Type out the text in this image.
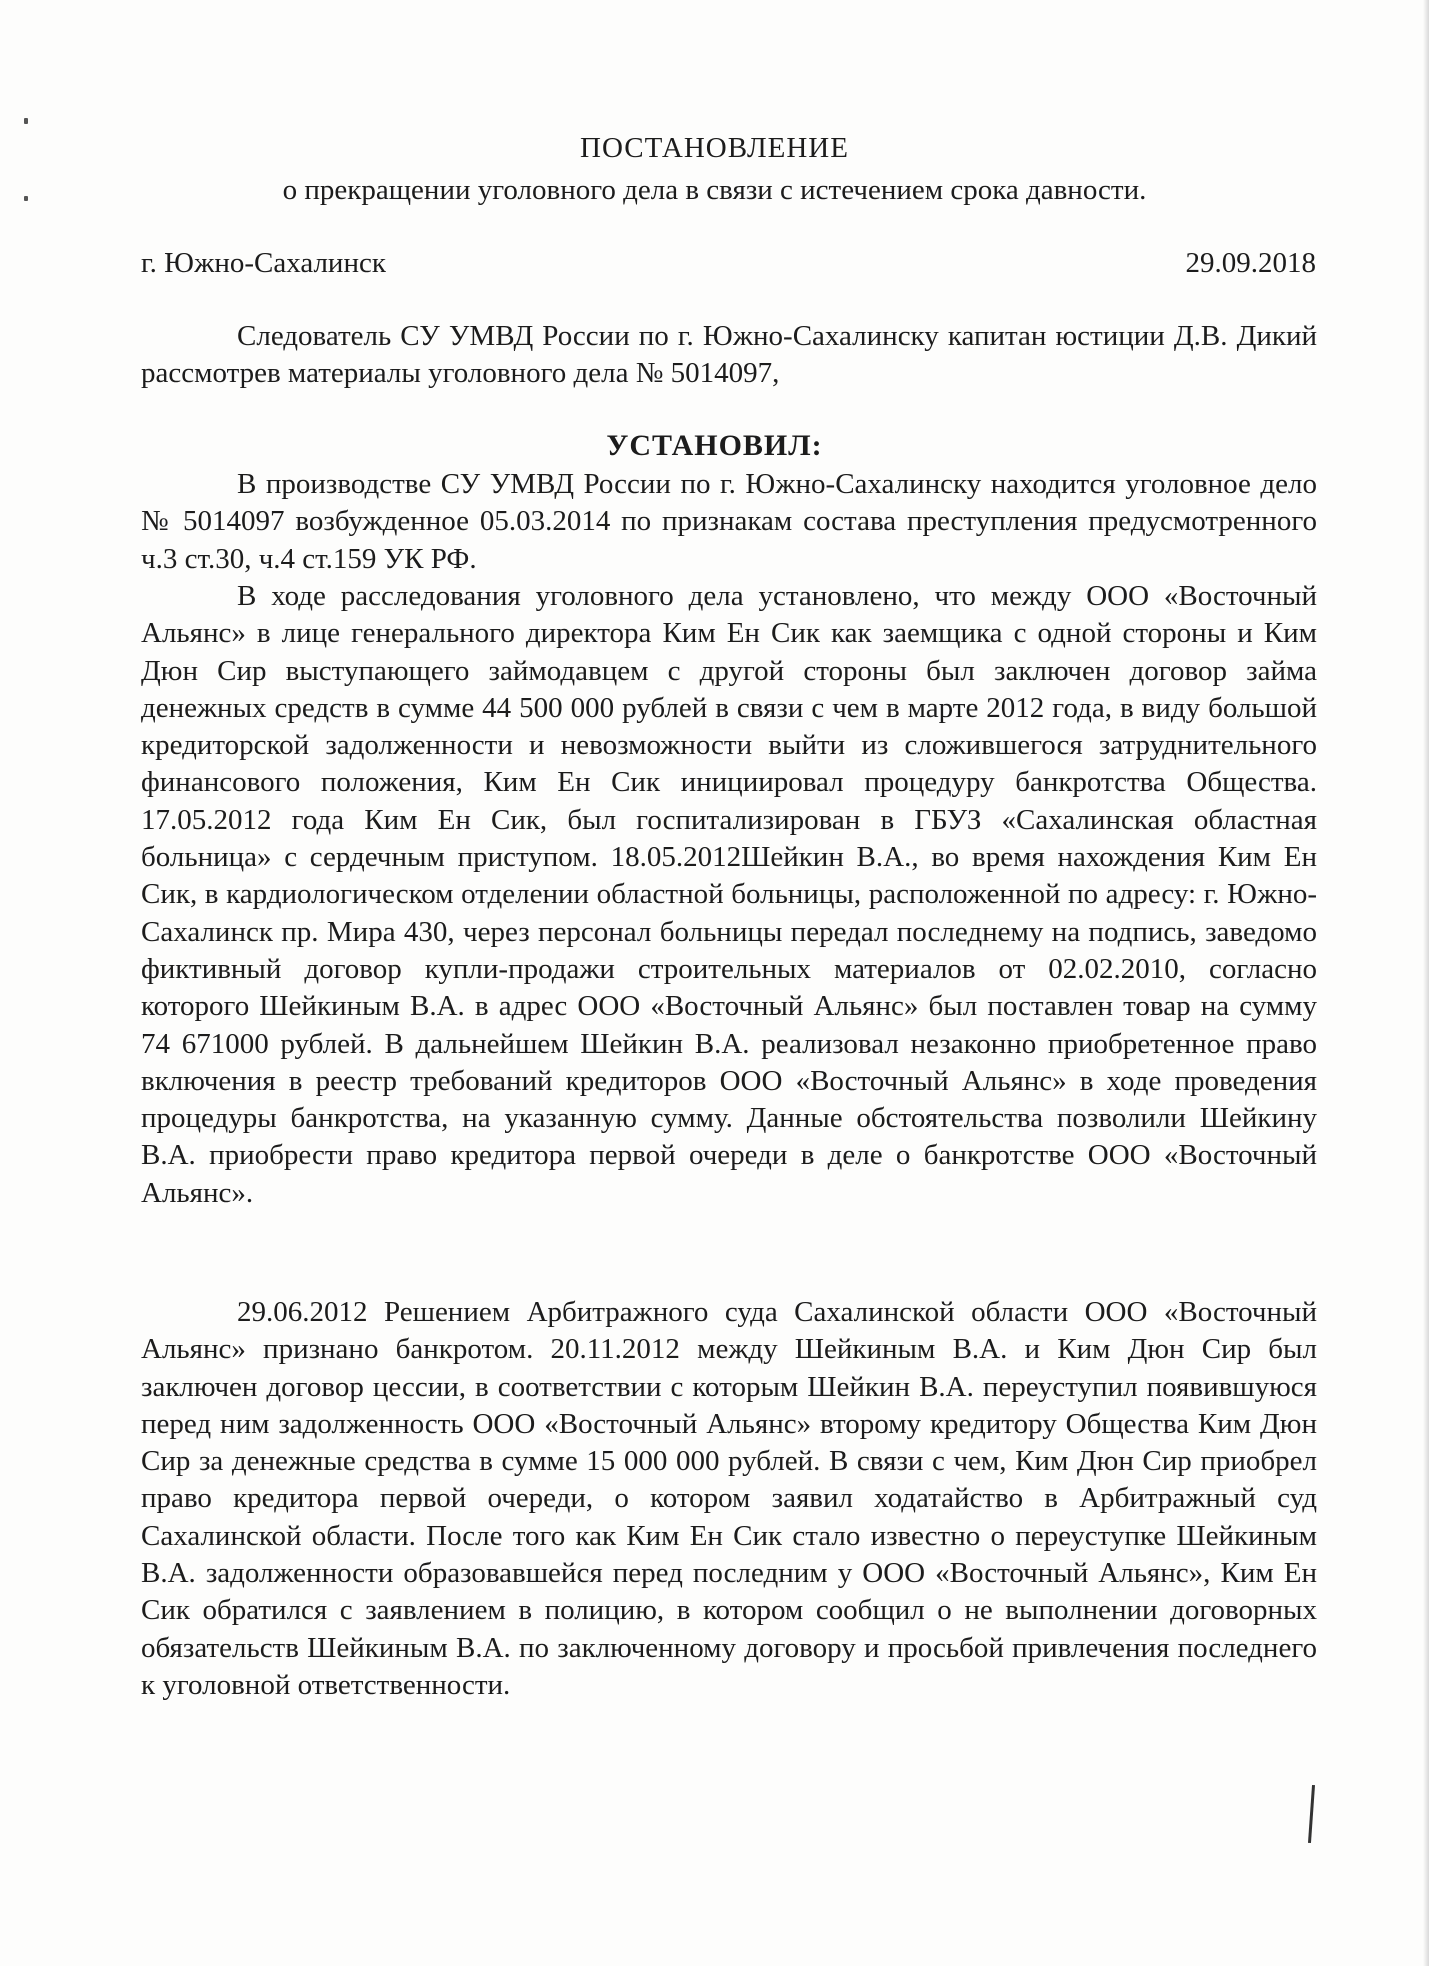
ПОСТАНОВЛЕНИЕ
о прекращении уголовного дела в связи с истечением срока давности.
г. Южно-Сахалинск	29.09.2018

Следователь СУ УМВД России по г. Южно-Сахалинску капитан юстиции Д.В. Дикий рассмотрев материалы уголовного дела № 5014097,

УСТАНОВИЛ:

В производстве СУ УМВД России по г. Южно-Сахалинску находится уголовное дело № 5014097 возбужденное 05.03.2014 по признакам состава преступления предусмотренного ч.3 ст.30, ч.4 ст.159 УК РФ.

В ходе расследования уголовного дела установлено, что между ООО «Восточный Альянс» в лице генерального директора Ким Ен Сик как заемщика с одной стороны и Ким Дюн Сир выступающего займодавцем с другой стороны был заключен договор займа денежных средств в сумме 44 500 000 рублей в связи с чем в марте 2012 года, в виду большой кредиторской задолженности и невозможности выйти из сложившегося затруднительного финансового положения, Ким Ен Сик инициировал процедуру банкротства Общества. 17.05.2012 года Ким Ен Сик, был госпитализирован в ГБУЗ «Сахалинская областная больница» с сердечным приступом. 18.05.2012Шейкин В.А., во время нахождения Ким Ен Сик, в кардиологическом отделении областной больницы, расположенной по адресу: г. Южно-Сахалинск пр. Мира 430, через персонал больницы передал последнему на подпись, заведомо фиктивный договор купли-продажи строительных материалов от 02.02.2010, согласно которого Шейкиным В.А. в адрес ООО «Восточный Альянс» был поставлен товар на сумму 74 671000 рублей. В дальнейшем Шейкин В.А. реализовал незаконно приобретенное право включения в реестр требований кредиторов ООО «Восточный Альянс» в ходе проведения процедуры банкротства, на указанную сумму. Данные обстоятельства позволили Шейкину В.А. приобрести право кредитора первой очереди в деле о банкротстве ООО «Восточный Альянс».

29.06.2012 Решением Арбитражного суда Сахалинской области ООО «Восточный Альянс» признано банкротом. 20.11.2012 между Шейкиным В.А. и Ким Дюн Сир был заключен договор цессии, в соответствии с которым Шейкин В.А. переуступил появившуюся перед ним задолженность ООО «Восточный Альянс» второму кредитору Общества Ким Дюн Сир за денежные средства в сумме 15 000 000 рублей. В связи с чем, Ким Дюн Сир приобрел право кредитора первой очереди, о котором заявил ходатайство в Арбитражный суд Сахалинской области. После того как Ким Ен Сик стало известно о переуступке Шейкиным В.А. задолженности образовавшейся перед последним у ООО «Восточный Альянс», Ким Ен Сик обратился с заявлением в полицию, в котором сообщил о не выполнении договорных обязательств Шейкиным В.А. по заключенному договору и просьбой привлечения последнего к уголовной ответственности.
